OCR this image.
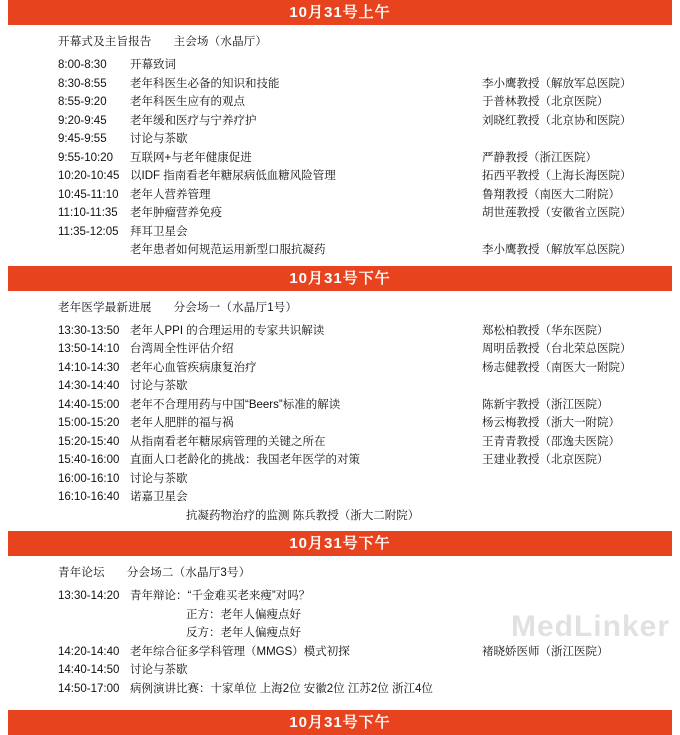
10月31号上午
开幕式及主旨报告 主会场（水晶厅）
8:00-8:30	开幕致词
8:30-8:55	老年科医生必备的知识和技能	李小鹰教授（解放军总医院）
8:55-9:20	老年科医生应有的观点	于普林教授（北京医院）
9:20-9:45	老年缓和医疗与宁养疗护	刘晓红教授（北京协和医院）
9:45-9:55	讨论与茶歇
9:55-10:20	互联网+与老年健康促进	严静教授（浙江医院）
10:20-10:45 以IDF 指南看老年糖尿病低血糖风险管理	拓西平教授（上海长海医院）
10:45-11:10 老年人营养管理	鲁翔教授（南医大二附院）
11:10-11:35	老年肿瘤营养免疫	胡世莲教授（安徽省立医院）
11:35-12:05 拜耳卫星会
老年患者如何规范运用新型口服抗凝药	李小鹰教授（解放军总医院）
10月31号下午
老年医学最新进展 分会场一（水晶厅1号）
13:30-13:50 老年人PPI 的合理运用的专家共识解读	郑松柏教授（华东医院）
13:50-14:10 台湾周全性评估介绍	周明岳教授（台北荣总医院）
14:10-14:30 老年心血管疾病康复治疗	杨志健教授（南医大一附院）
14:30-14:40 讨论与茶歇
14:40-15:00 老年不合理用药与中国“Beers”标准的解读	陈新宇教授（浙江医院）
15:00-15:20 老年人肥胖的福与祸	杨云梅教授（浙大一附院）
15:20-15:40 从指南看老年糖尿病管理的关键之所在	王青青教授（邵逸夫医院）
15:40-16:00 直面人口老龄化的挑战：我国老年医学的对策	王建业教授（北京医院）
16:00-16:10 讨论与茶歇
16:10-16:40 诺嘉卫星会
抗凝药物治疗的监测 陈兵教授（浙大二附院）
10月31号下午
青年论坛 分会场二（水晶厅3号）
13:30-14:20 青年辩论：“千金难买老来瘦”对吗？
正方：老年人偏瘦点好
反方：老年人偏瘦点好
14:20-14:40 老年综合征多学科管理（MMGS）模式初探	褚晓娇医师（浙江医院）
14:40-14:50 讨论与茶歇
14:50-17:00 病例演讲比赛：十家单位 上海2位 安徽2位 江苏2位 浙江4位
10月31号下午
MedLinker
